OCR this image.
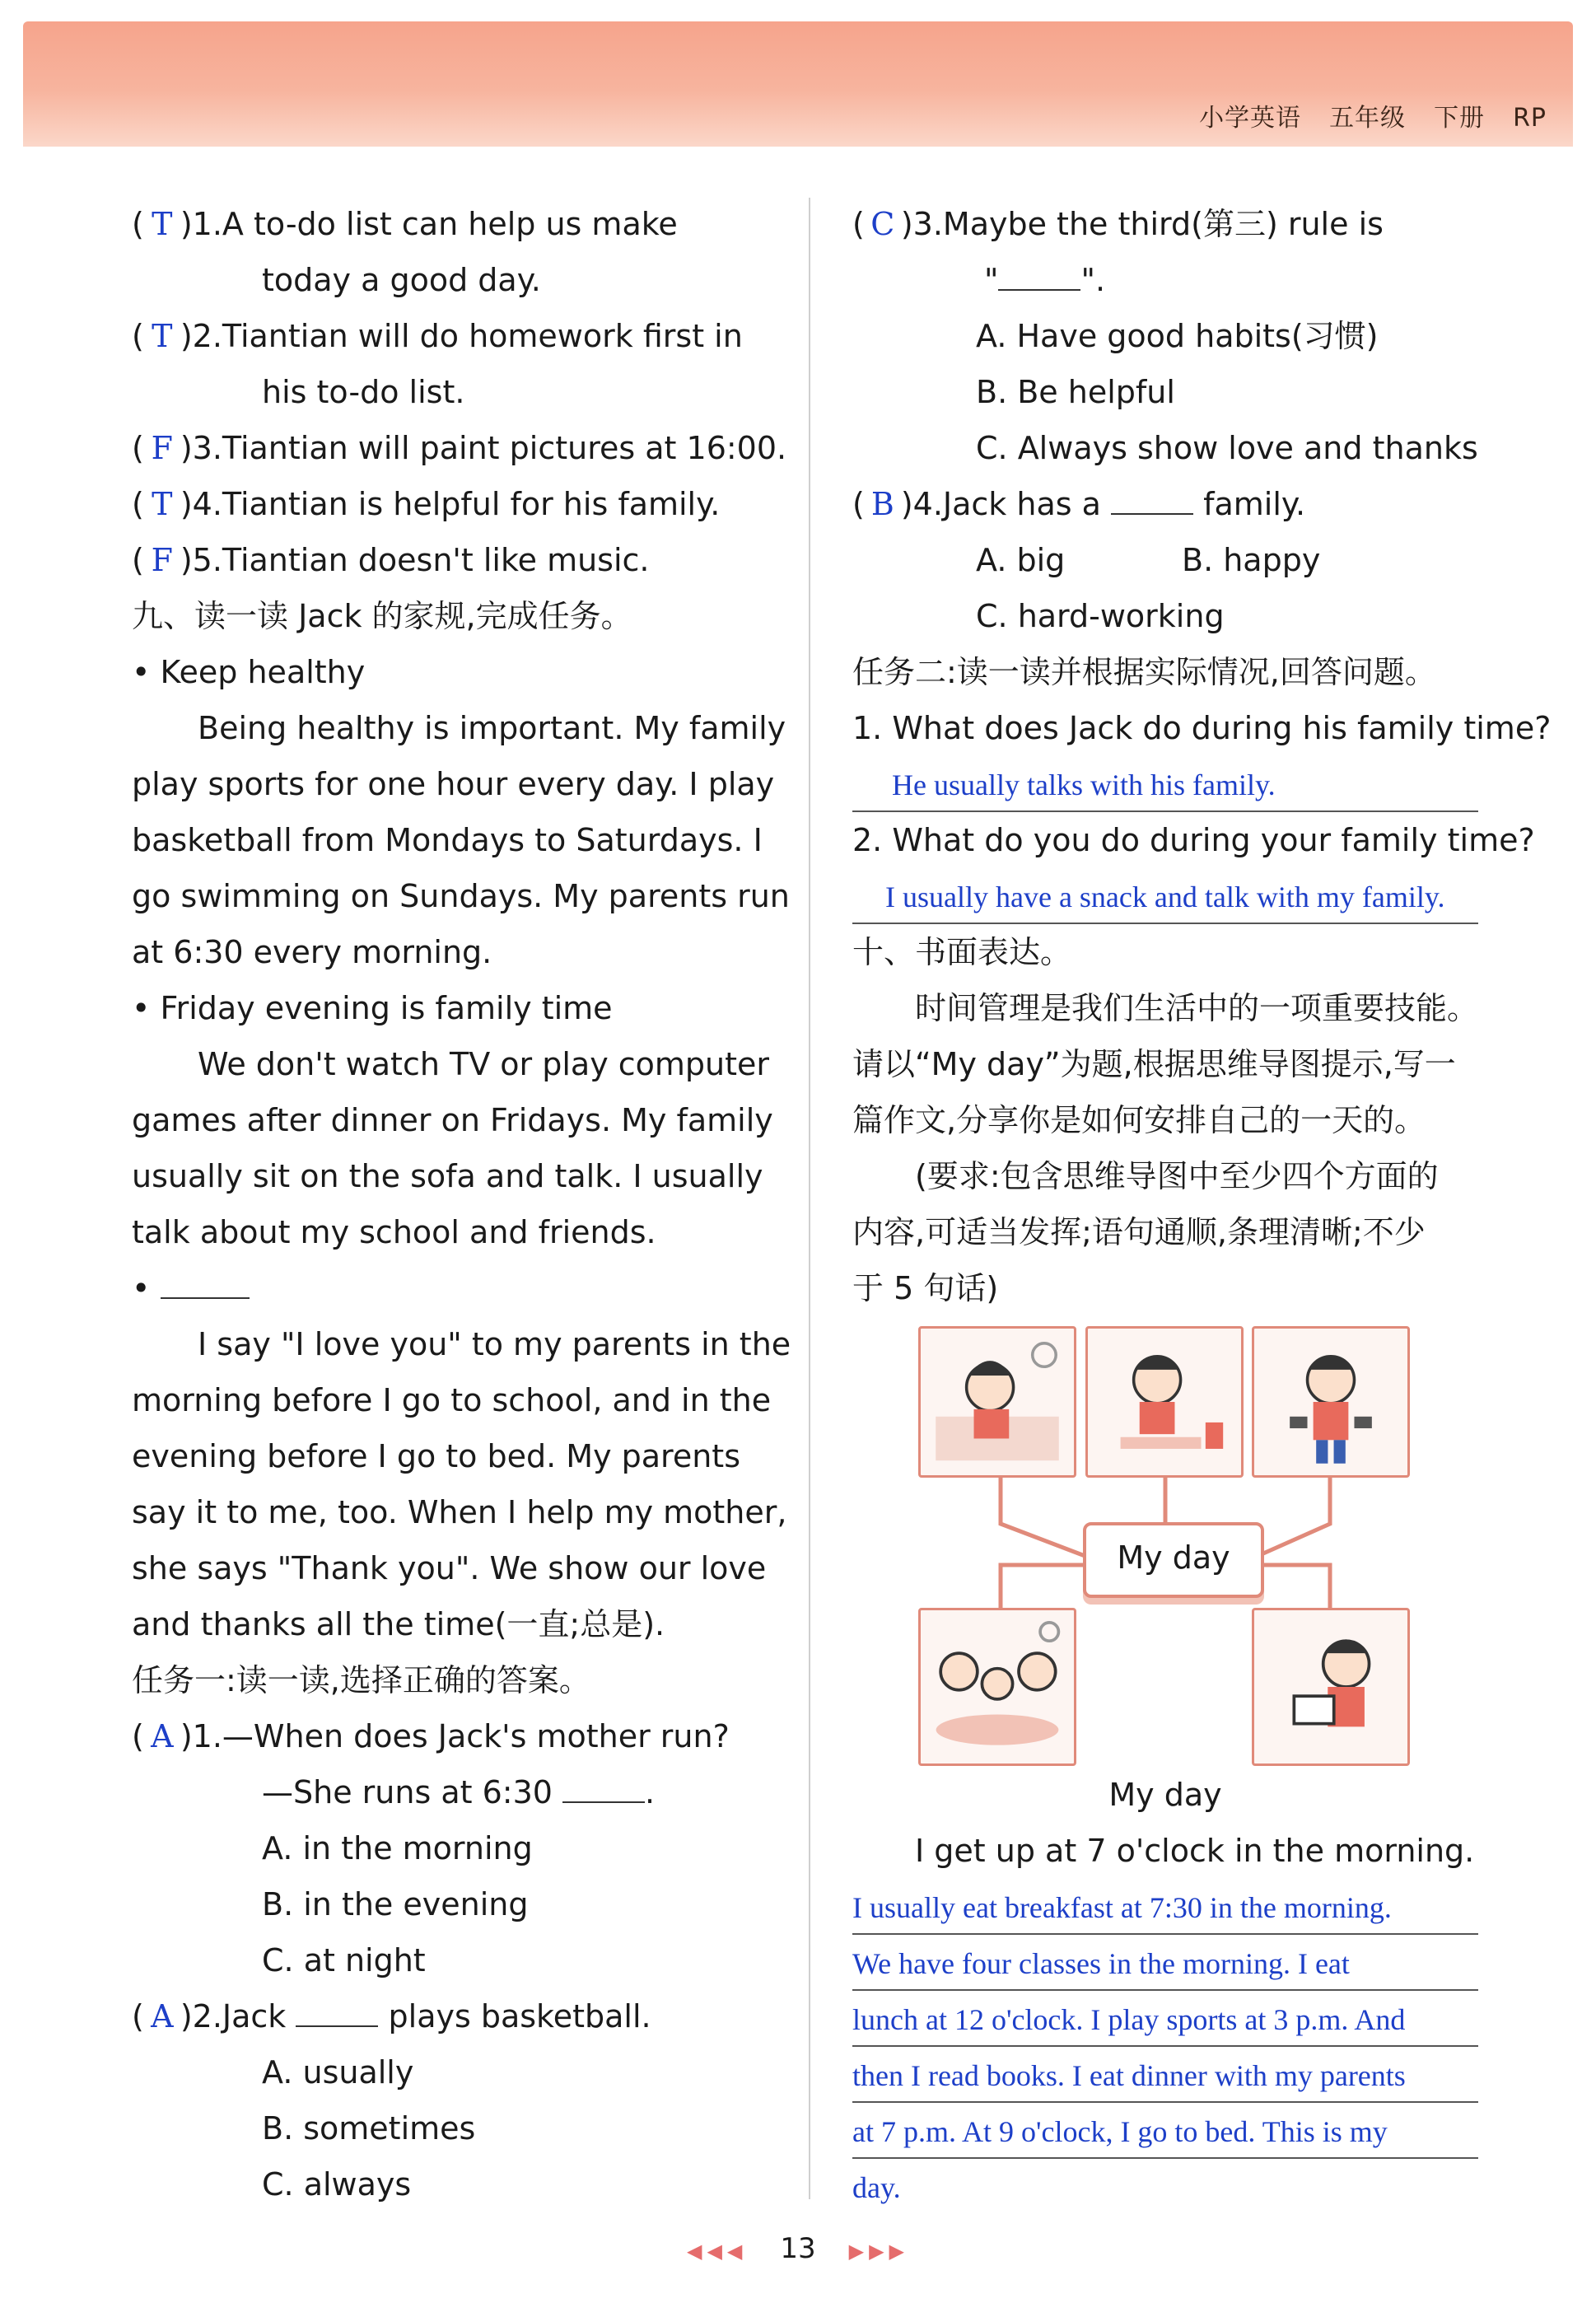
小学英语 五年级 下册 RP
( T )1.A to-do list can help us make
today a good day.
( T )2.Tiantian will do homework first in
his to-do list.
( F )3.Tiantian will paint pictures at 16:00.
( T )4.Tiantian is helpful for his family.
( F )5.Tiantian doesn't like music.
九、读一读 Jack 的家规,完成任务。
• Keep healthy
Being healthy is important. My family
play sports for one hour every day. I play
basketball from Mondays to Saturdays. I
go swimming on Sundays. My parents run
at 6:30 every morning.
• Friday evening is family time
We don't watch TV or play computer
games after dinner on Fridays. My family
usually sit on the sofa and talk. I usually
talk about my school and friends.
•
I say "I love you" to my parents in the
morning before I go to school, and in the
evening before I go to bed. My parents
say it to me, too. When I help my mother,
she says "Thank you". We show our love
and thanks all the time(一直;总是).
任务一:读一读,选择正确的答案。
( A )1.—When does Jack's mother run?
—She runs at 6:30	.
A. in the morning
B. in the evening
C. at night
( A )2.Jack	plays basketball.
A. usually
B. sometimes
C. always
( C )3.Maybe the third(第三) rule is
"	".
A. Have good habits(习惯)
B. Be helpful
C. Always show love and thanks
( B )4.Jack has a	family.
A. big	B. happy
C. hard-working
任务二:读一读并根据实际情况,回答问题。
1. What does Jack do during his family time?
He usually talks with his family.
2. What do you do during your family time?
I usually have a snack and talk with my family.
十、书面表达。
时间管理是我们生活中的一项重要技能。
请以“My day”为题,根据思维导图提示,写一
篇作文,分享你是如何安排自己的一天的。
(要求:包含思维导图中至少四个方面的
内容,可适当发挥;语句通顺,条理清晰;不少
于 5 句话)
My day
My day
I get up at 7 o'clock in the morning.
I usually eat breakfast at 7:30 in the morning.
We have four classes in the morning. I eat
lunch at 12 o'clock. I play sports at 3 p.m. And
then I read books. I eat dinner with my parents
at 7 p.m. At 9 o'clock, I go to bed. This is my
day.
◀◀◀ 13 ▶▶▶
